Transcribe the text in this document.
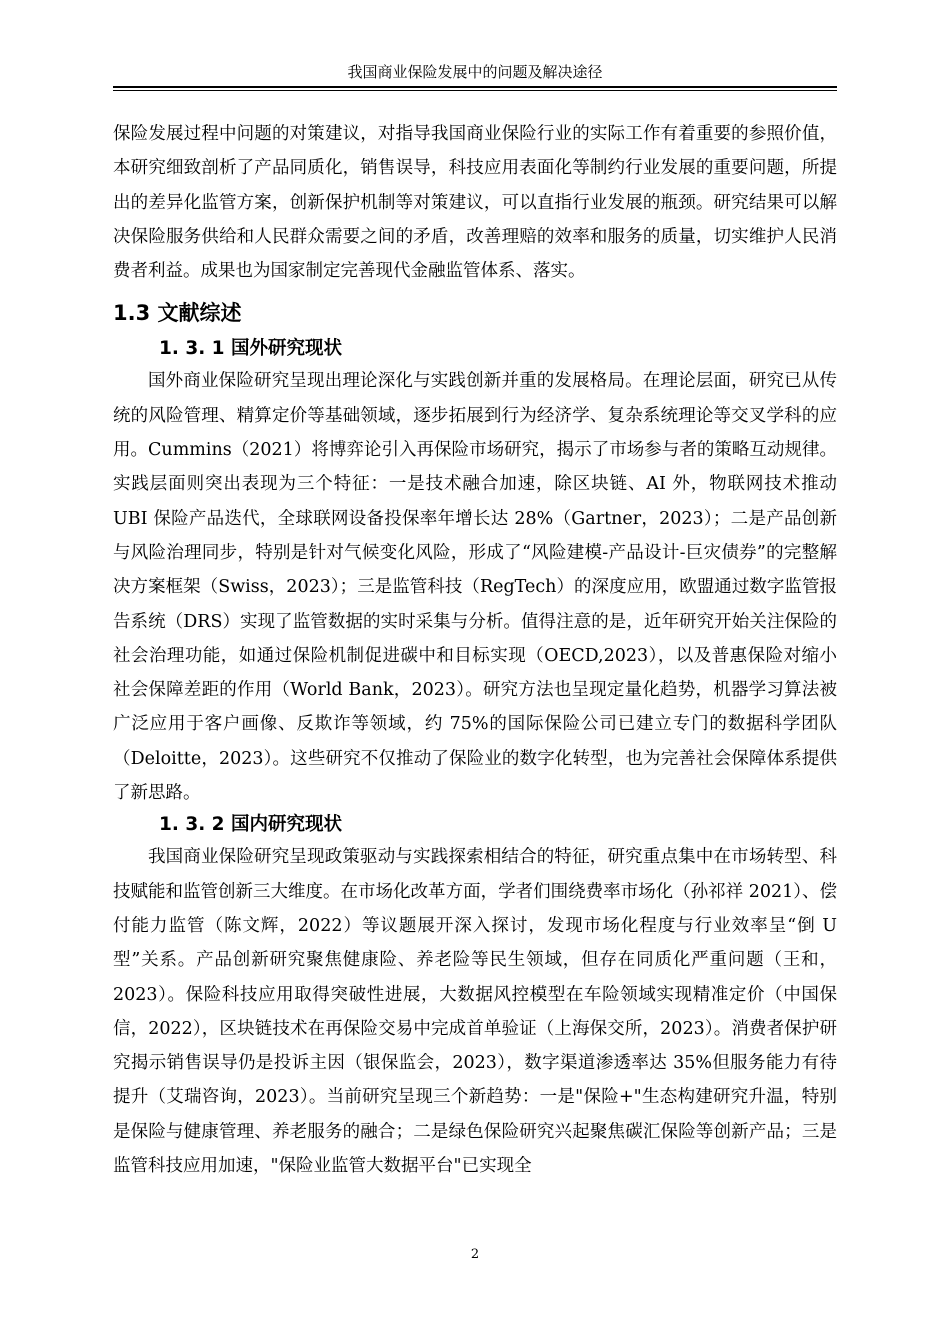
我国商业保险发展中的问题及解决途径

保险发展过程中问题的对策建议，对指导我国商业保险行业的实际工作有着重要的参照价值，本研究细致剖析了产品同质化，销售误导，科技应用表面化等制约行业发展的重要问题，所提出的差异化监管方案，创新保护机制等对策建议，可以直指行业发展的瓶颈。研究结果可以解决保险服务供给和人民群众需要之间的矛盾，改善理赔的效率和服务的质量，切实维护人民消费者利益。成果也为国家制定完善现代金融监管体系、落实。

1.3 文献综述
1. 3. 1 国外研究现状

国外商业保险研究呈现出理论深化与实践创新并重的发展格局。在理论层面，研究已从传统的风险管理、精算定价等基础领域，逐步拓展到行为经济学、复杂系统理论等交叉学科的应用。Cummins（2021）将博弈论引入再保险市场研究，揭示了市场参与者的策略互动规律。实践层面则突出表现为三个特征：一是技术融合加速，除区块链、AI 外，物联网技术推动 UBI 保险产品迭代，全球联网设备投保率年增长达 28%（Gartner，2023）；二是产品创新与风险治理同步，特别是针对气候变化风险，形成了“风险建模-产品设计-巨灾债券”的完整解决方案框架（Swiss，2023）；三是监管科技（RegTech）的深度应用，欧盟通过数字监管报告系统（DRS）实现了监管数据的实时采集与分析。值得注意的是，近年研究开始关注保险的社会治理功能，如通过保险机制促进碳中和目标实现（OECD,2023），以及普惠保险对缩小社会保障差距的作用（World Bank，2023）。研究方法也呈现定量化趋势，机器学习算法被广泛应用于客户画像、反欺诈等领域，约 75%的国际保险公司已建立专门的数据科学团队（Deloitte，2023）。这些研究不仅推动了保险业的数字化转型，也为完善社会保障体系提供了新思路。

1. 3. 2 国内研究现状

我国商业保险研究呈现政策驱动与实践探索相结合的特征，研究重点集中在市场转型、科技赋能和监管创新三大维度。在市场化改革方面，学者们围绕费率市场化（孙祁祥 2021）、偿付能力监管（陈文辉，2022）等议题展开深入探讨，发现市场化程度与行业效率呈“倒 U 型”关系。产品创新研究聚焦健康险、养老险等民生领域，但存在同质化严重问题（王和，2023）。保险科技应用取得突破性进展，大数据风控模型在车险领域实现精准定价（中国保信，2022），区块链技术在再保险交易中完成首单验证（上海保交所，2023）。消费者保护研究揭示销售误导仍是投诉主因（银保监会，2023），数字渠道渗透率达 35%但服务能力有待提升（艾瑞咨询，2023）。当前研究呈现三个新趋势：一是"保险+"生态构建研究升温，特别是保险与健康管理、养老服务的融合；二是绿色保险研究兴起聚焦碳汇保险等创新产品；三是监管科技应用加速，"保险业监管大数据平台"已实现全

2
